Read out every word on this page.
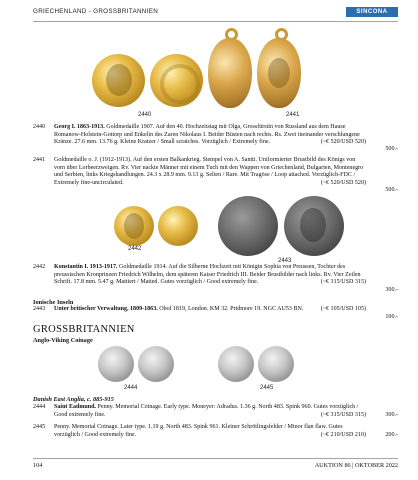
GRIECHENLAND - GROSSBRITANNIEN	SINCONA
2440	2441
2440	Georg I. 1863-1913. Goldmedaille 1907. Auf den 40. Hochzeitstag mit Olga, Grossfürstin von Russland aus dem Hause Romanow-Holstein-Gottorp und Enkelin des Zaren Nikolaus I. Beider Büsten nach rechts. Rs. Zwei ineinander verschlungene Kränze. 27.6 mm. 13.76 g. Kleine Kratzer / Small scratches. Vorzüglich / Extremely fine.	(~€ 520/USD 520)
500.-
2441	Goldmedaille o. J. (1912-1913). Auf den ersten Balkankrieg. Stempel von A. Santti. Uniformierter Brustbild des Königs von vorn über Lorbeerzweigen. Rv. Vier nackte Männer mit einem Tuch mit den Wappen von Griechenland, Bulgarien, Montenegro und Serbien, links Kriegshandlungen. 24.3 x 28.9 mm. 9.13 g. Selten / Rare. Mit Tragöse / Loop attached. Vorzüglich-FDC / Extremely fine-uncirculated.	(~€ 520/USD 520)
500.-
2442
2443
2442	Konstantin I. 1913-1917. Goldmedaille 1914. Auf die Silberne Hochzeit mit Königin Sophia von Preussen, Tochter des preussischen Kronprinzen Friedrich Wilhelm, dem späteren Kaiser Friedrich III. Beider Brustbilder nach links. Rv. Vier Zeilen Schrift. 17.8 mm. 5.47 g. Mattiert / Matted. Gutes vorzüglich / Good extremely fine.	(~€ 315/USD 315)
300.-
Ionische Inseln
2443	Unter britischer Verwaltung, 1809-1863. Obol 1819, London. KM 32. Pridmore 19. NGC AU53 BN.	(~€ 105/USD 105)
100.-
GROSSBRITANNIEN
Anglo-Viking Coinage
2444	2445
Danish East Anglia, c. 885-915
2444	Saint Eadmund. Penny. Memorial Coinage. Early type. Moneyer: Adradus. 1.36 g. North 483. Spink 960. Gutes vorzüglich / Good extremely fine.	(~€ 315/USD 315)	300.-
2445	Penny. Memorial Coinage. Later type. 1.19 g. North 483. Spink 961. Kleiner Schrötlingsfehler / Minor flan flaw. Gutes vorzüglich / Good extremely fine.	(~€ 210/USD 210)	200.-
104	AUKTION 86 | OKTOBER 2022
